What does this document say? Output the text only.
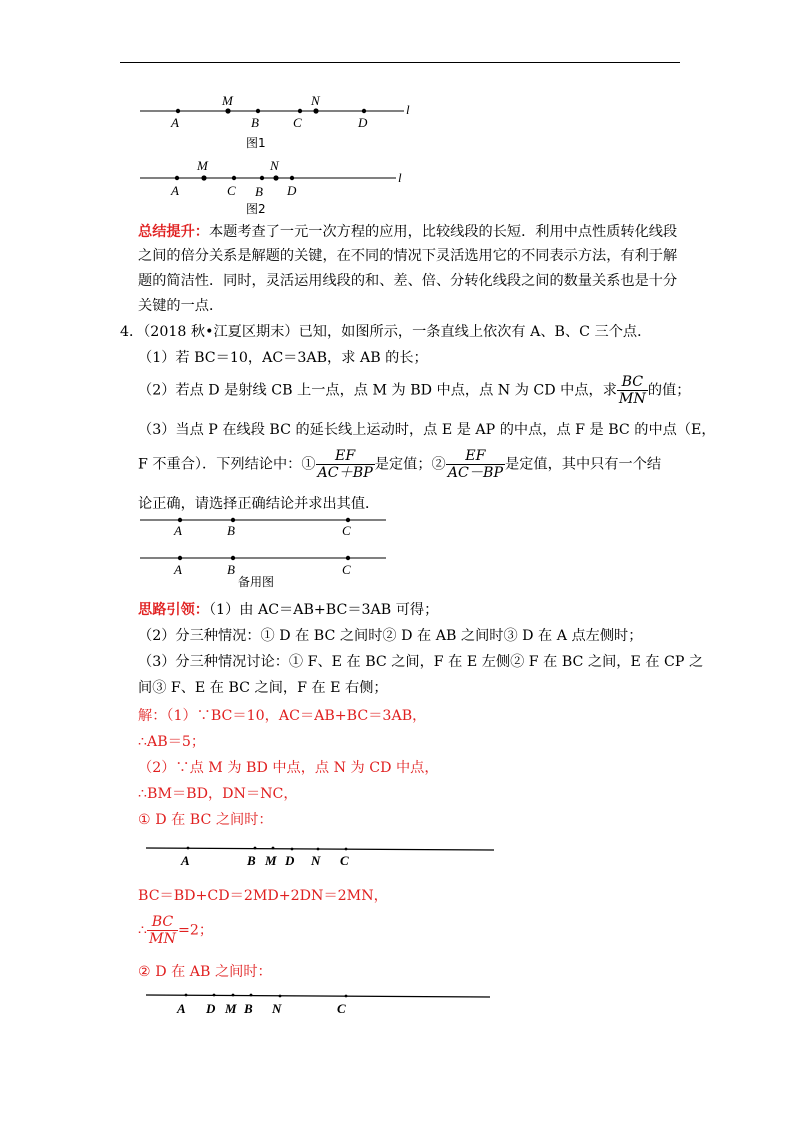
A
M
B	C
N
D
l
图1
A
M
C B
N
D
l
图2
总结提升：本题考查了一元一次方程的应用，比较线段的长短．利用中点性质转化线段
之间的倍分关系是解题的关键，在不同的情况下灵活选用它的不同表示方法，有利于解
题的简洁性．同时，灵活运用线段的和、差、倍、分转化线段之间的数量关系也是十分
关键的一点．
4．（2018 秋•江夏区期末）已知，如图所示，一条直线上依次有 A、B、C 三个点．
（1）若 BC＝10，AC＝3AB，求 AB 的长；
（2）若点 D 是射线 CB 上一点，点 M 为 BD 中点，点 N 为 CD 中点，求 $\frac{BC}{MN}$ 的值；
（3）当点 P 在线段 BC 的延长线上运动时，点 E 是 AP 的中点，点 F 是 BC 的中点（E，
F 不重合）．下列结论中：① $\frac{EF}{AC+BP}$ 是定值；② $\frac{EF}{AC-BP}$ 是定值，其中只有一个结
论正确，请选择正确结论并求出其值．
A	B	C
A	B	C
备用图
思路引领：（1）由 AC＝AB+BC＝3AB 可得；
（2）分三种情况：① D 在 BC 之间时② D 在 AB 之间时③ D 在 A 点左侧时；
（3）分三种情况讨论：① F、E 在 BC 之间，F 在 E 左侧② F 在 BC 之间，E 在 CP 之
间③ F、E 在 BC 之间，F 在 E 右侧；
解：（1）∵BC＝10，AC＝AB+BC＝3AB，
∴AB＝5；
（2）∵点 M 为 BD 中点，点 N 为 CD 中点，
∴BM＝BD，DN＝NC，
① D 在 BC 之间时：
A	B M D N C
A D M B N	C
BC＝BD+CD＝2MD+2DN＝2MN，
∴ $\frac{BC}{MN} =2$；
② D 在 AB 之间时：
